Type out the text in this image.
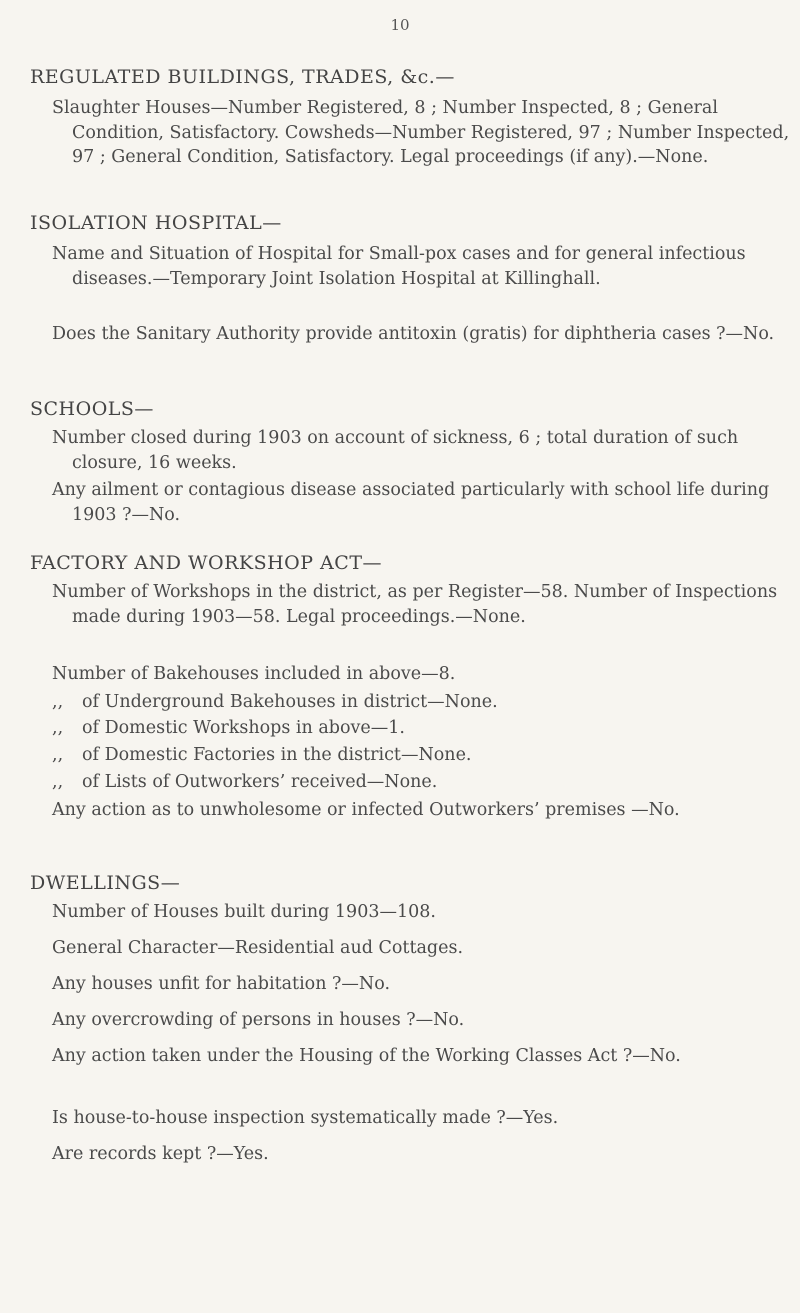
10
REGULATED BUILDINGS, TRADES, &c.—
Slaughter Houses—Number Registered, 8 ; Number Inspected, 8 ; General Condition, Satisfactory. Cowsheds—Number Registered, 97 ; Number Inspected, 97 ; General Condition, Satisfactory. Legal proceedings (if any).—None.
ISOLATION HOSPITAL—
Name and Situation of Hospital for Small-pox cases and for general infectious diseases.—Temporary Joint Isolation Hospital at Killinghall.
Does the Sanitary Authority provide antitoxin (gratis) for diphtheria cases ?—No.
SCHOOLS—
Number closed during 1903 on account of sickness, 6 ; total duration of such closure, 16 weeks.
Any ailment or contagious disease associated particularly with school life during 1903 ?—No.
FACTORY AND WORKSHOP ACT—
Number of Workshops in the district, as per Register—58. Number of Inspections made during 1903—58. Legal proceedings.—None.
Number of Bakehouses included in above—8.
,, of Underground Bakehouses in district—None.
,, of Domestic Workshops in above—1.
,, of Domestic Factories in the district—None.
,, of Lists of Outworkers’ received—None.
Any action as to unwholesome or infected Outworkers’ premises —No.
DWELLINGS—
Number of Houses built during 1903—108.
General Character—Residential aud Cottages.
Any houses unfit for habitation ?—No.
Any overcrowding of persons in houses ?—No.
Any action taken under the Housing of the Working Classes Act ?—No.
Is house-to-house inspection systematically made ?—Yes.
Are records kept ?—Yes.
